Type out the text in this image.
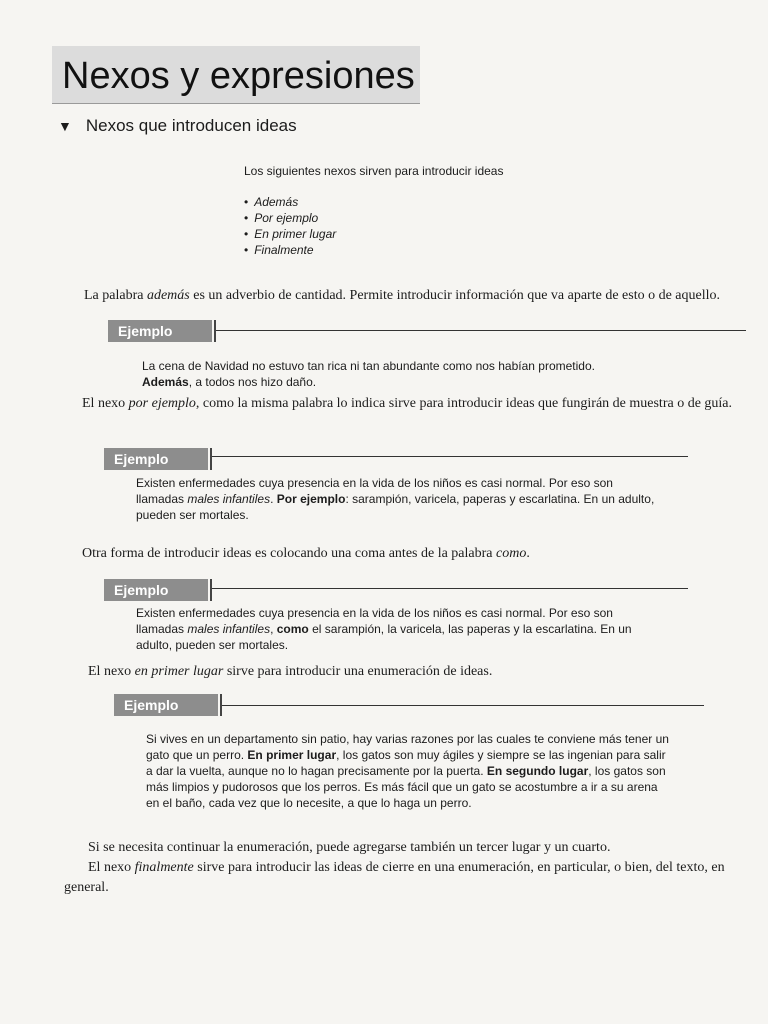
Nexos y expresiones
▼ Nexos que introducen ideas
Los siguientes nexos sirven para introducir ideas
• Además
• Por ejemplo
• En primer lugar
• Finalmente

La palabra además es un adverbio de cantidad. Permite introducir información que va aparte de esto o de aquello.

Ejemplo

La cena de Navidad no estuvo tan rica ni tan abundante como nos habían prometido.
Además, a todos nos hizo daño.

El nexo por ejemplo, como la misma palabra lo indica sirve para introducir ideas que fungirán de muestra o de guía.

Ejemplo

Existen enfermedades cuya presencia en la vida de los niños es casi normal. Por eso son llamadas males infantiles. Por ejemplo: sarampión, varicela, paperas y escarlatina. En un adulto, pueden ser mortales.

Otra forma de introducir ideas es colocando una coma antes de la palabra como.

Ejemplo

Existen enfermedades cuya presencia en la vida de los niños es casi normal. Por eso son llamadas males infantiles, como el sarampión, la varicela, las paperas y la escarlatina. En un adulto, pueden ser mortales.

El nexo en primer lugar sirve para introducir una enumeración de ideas.

Ejemplo

Si vives en un departamento sin patio, hay varias razones por las cuales te conviene más tener un gato que un perro. En primer lugar, los gatos son muy ágiles y siempre se las ingenian para salir a dar la vuelta, aunque no lo hagan precisamente por la puerta. En segundo lugar, los gatos son más limpios y pudorosos que los perros. Es más fácil que un gato se acostumbre a ir a su arena en el baño, cada vez que lo necesite, a que lo haga un perro.

Si se necesita continuar la enumeración, puede agregarse también un tercer lugar y un cuarto.

El nexo finalmente sirve para introducir las ideas de cierre en una enumeración, en particular, o bien, del texto, en general.
